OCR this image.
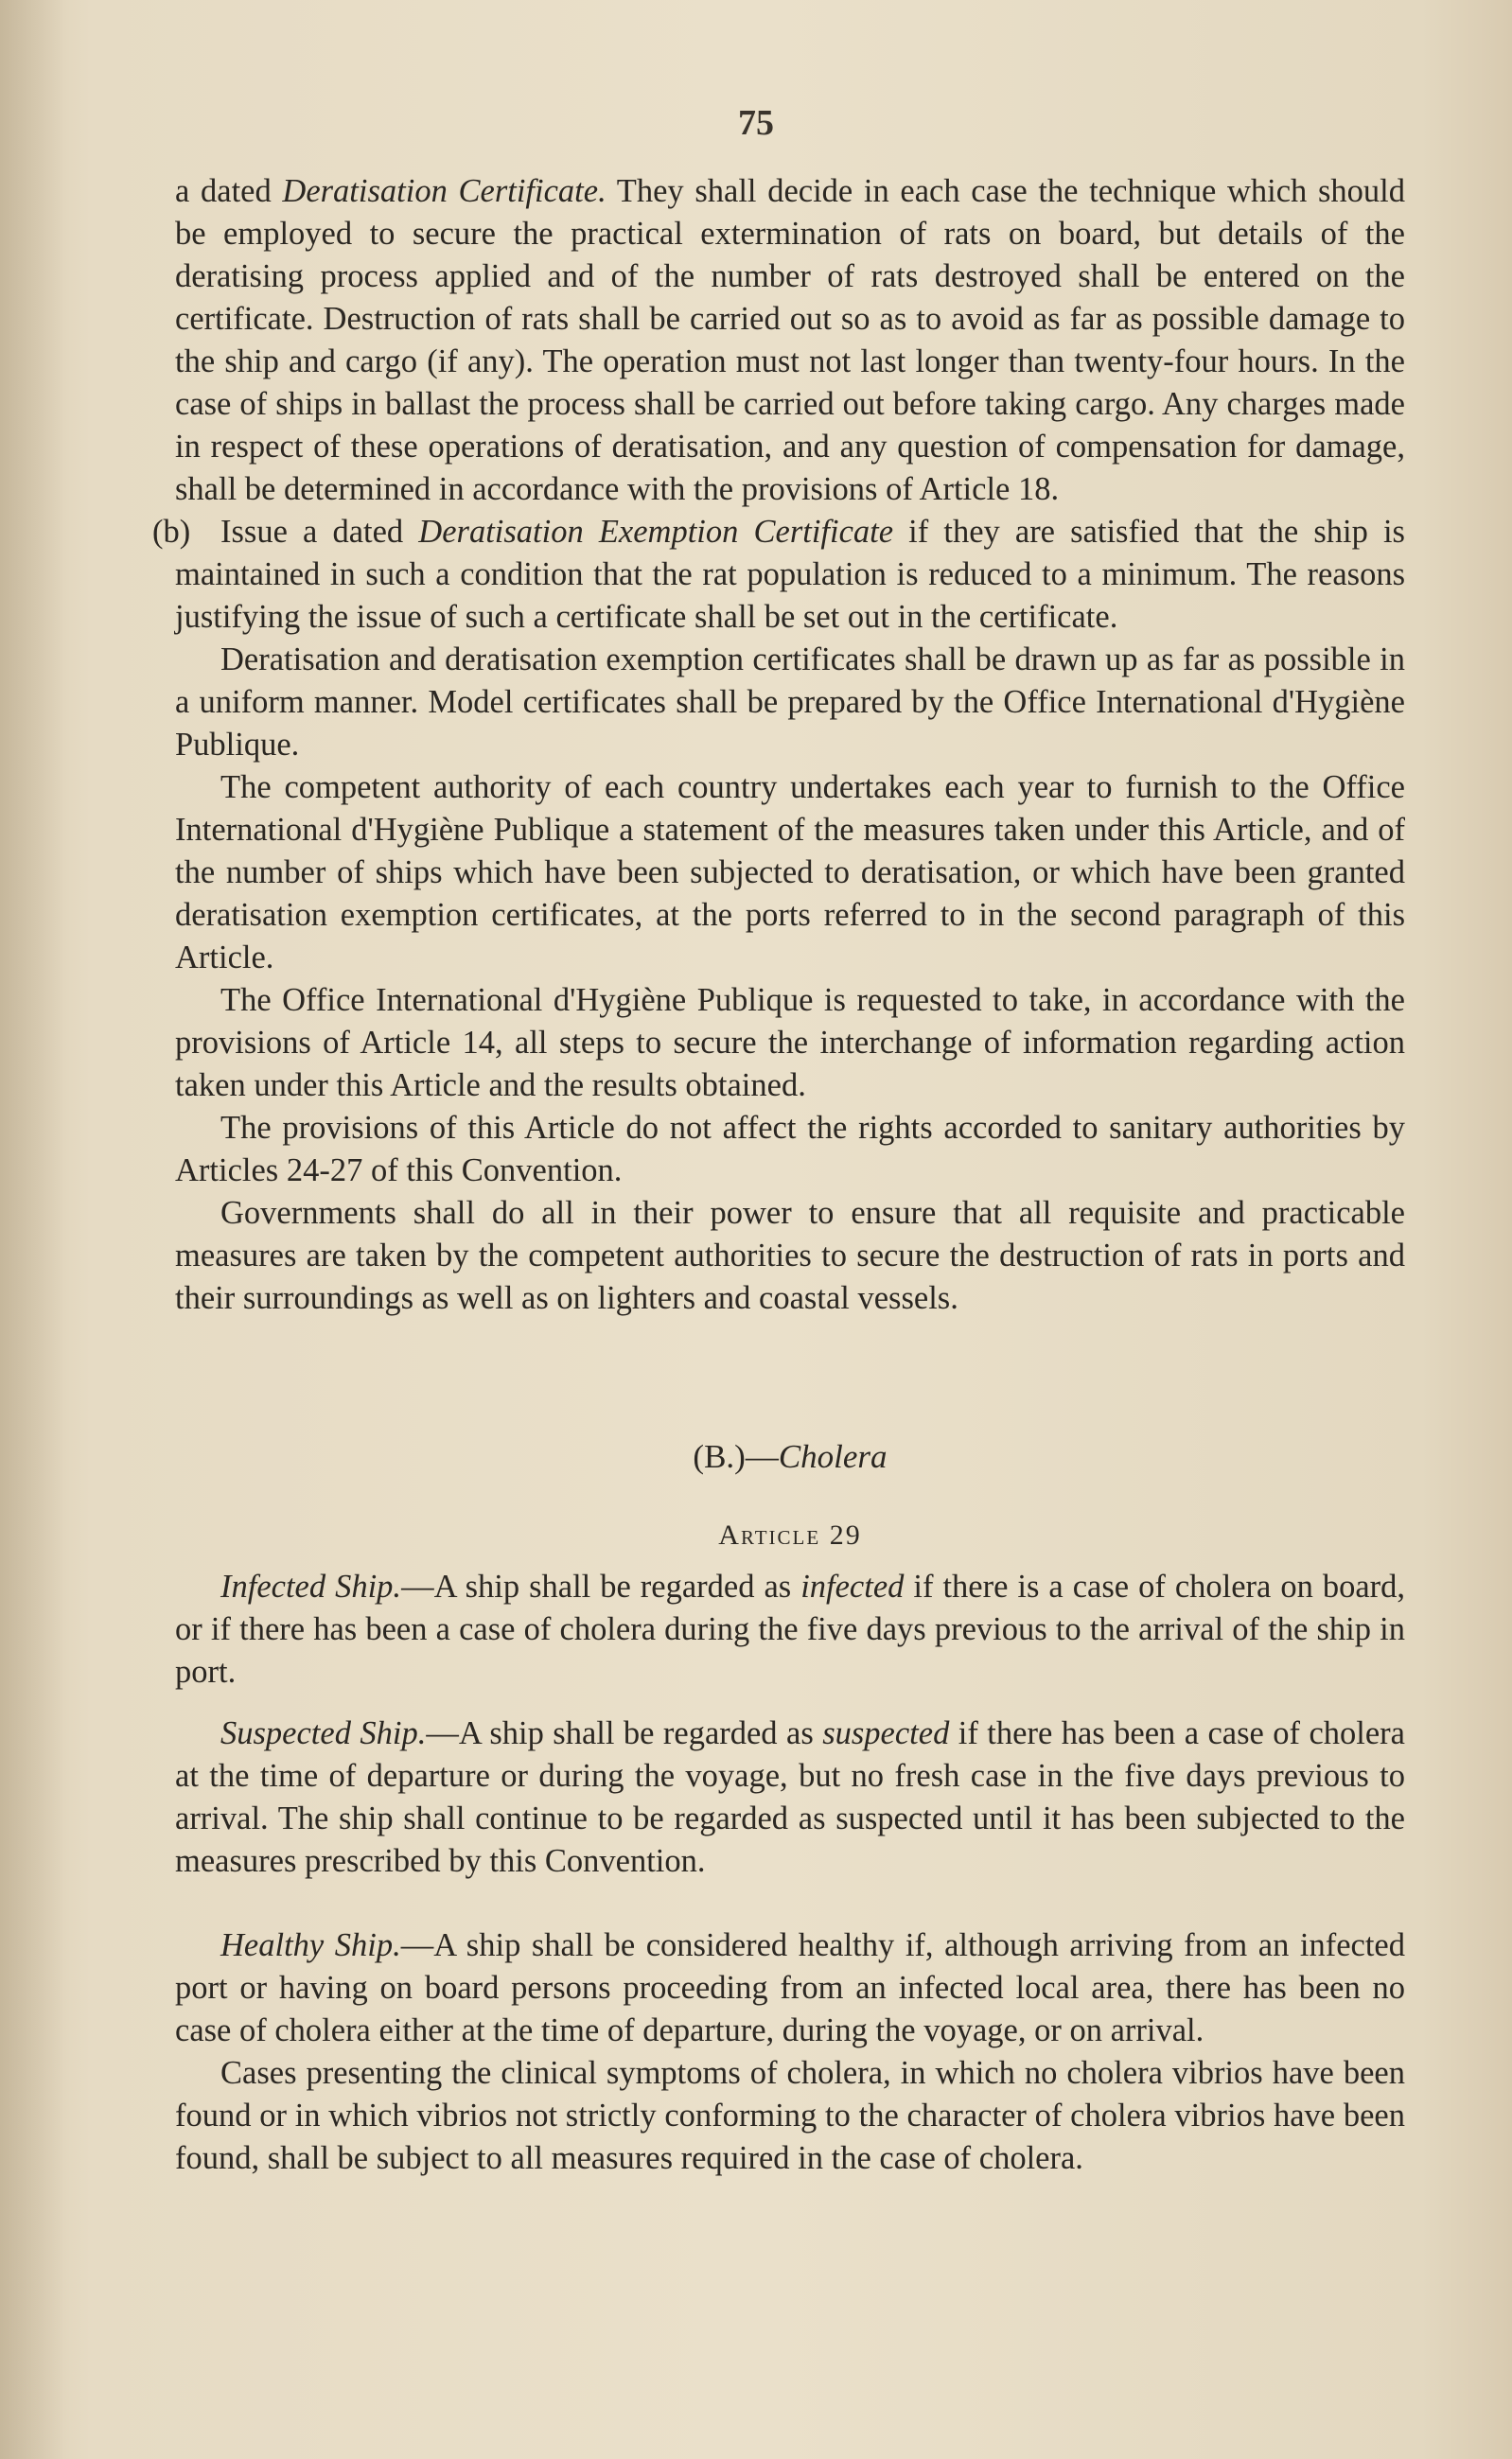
75

a dated Deratisation Certificate. They shall decide in each case the technique which should be employed to secure the practical extermination of rats on board, but details of the deratising process applied and of the number of rats destroyed shall be entered on the certificate. Destruction of rats shall be carried out so as to avoid as far as possible damage to the ship and cargo (if any). The operation must not last longer than twenty-four hours. In the case of ships in ballast the process shall be carried out before taking cargo. Any charges made in respect of these operations of deratisation, and any question of compensation for damage, shall be determined in accordance with the provisions of Article 18.

(b) Issue a dated Deratisation Exemption Certificate if they are satisfied that the ship is maintained in such a condition that the rat population is reduced to a minimum. The reasons justifying the issue of such a certificate shall be set out in the certificate.

Deratisation and deratisation exemption certificates shall be drawn up as far as possible in a uniform manner. Model certificates shall be prepared by the Office International d'Hygiène Publique.

The competent authority of each country undertakes each year to furnish to the Office International d'Hygiène Publique a statement of the measures taken under this Article, and of the number of ships which have been subjected to deratisation, or which have been granted deratisation exemption certificates, at the ports referred to in the second paragraph of this Article.

The Office International d'Hygiène Publique is requested to take, in accordance with the provisions of Article 14, all steps to secure the interchange of information regarding action taken under this Article and the results obtained.

The provisions of this Article do not affect the rights accorded to sanitary authorities by Articles 24-27 of this Convention.

Governments shall do all in their power to ensure that all requisite and practicable measures are taken by the competent authorities to secure the destruction of rats in ports and their surroundings as well as on lighters and coastal vessels.

(B.)—Cholera
Article 29

Infected Ship.—A ship shall be regarded as infected if there is a case of cholera on board, or if there has been a case of cholera during the five days previous to the arrival of the ship in port.

Suspected Ship.—A ship shall be regarded as suspected if there has been a case of cholera at the time of departure or during the voyage, but no fresh case in the five days previous to arrival. The ship shall continue to be regarded as suspected until it has been subjected to the measures prescribed by this Convention.

Healthy Ship.—A ship shall be considered healthy if, although arriving from an infected port or having on board persons proceeding from an infected local area, there has been no case of cholera either at the time of departure, during the voyage, or on arrival.

Cases presenting the clinical symptoms of cholera, in which no cholera vibrios have been found or in which vibrios not strictly conforming to the character of cholera vibrios have been found, shall be subject to all measures required in the case of cholera.
